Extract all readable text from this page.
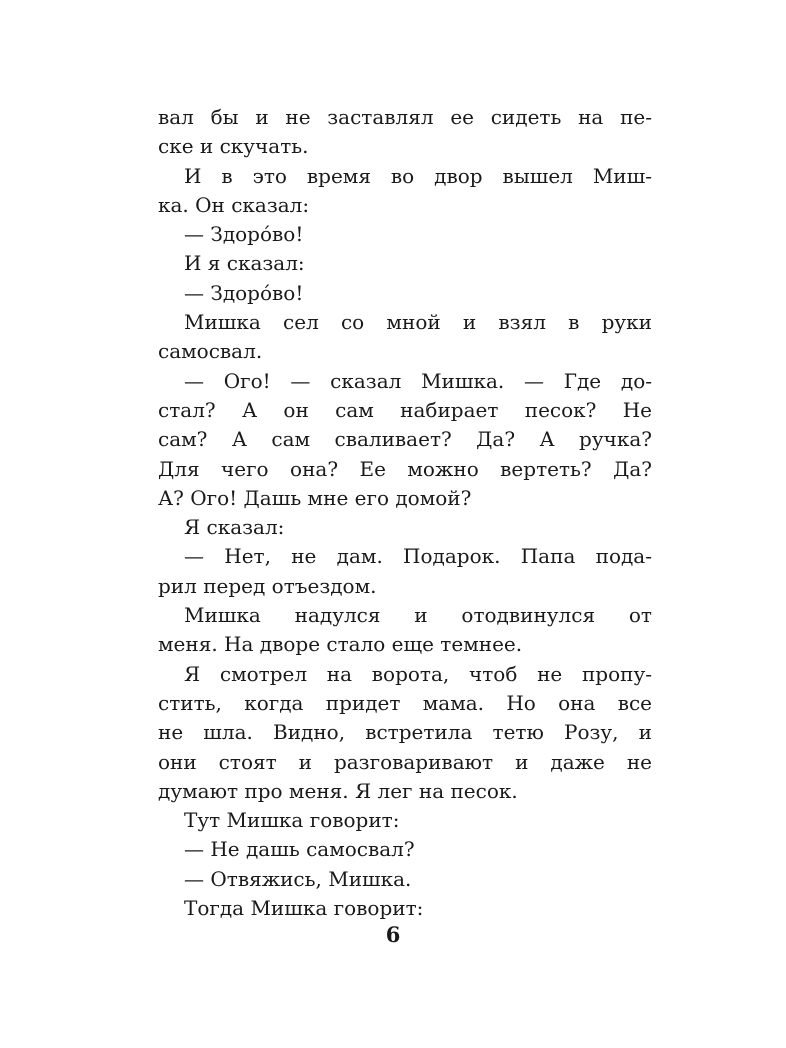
вал бы и не заставлял ее сидеть на пе-
ске и скучать.
И в это время во двор вышел Миш-
ка. Он сказал:
— Здоро́во!
И я сказал:
— Здоро́во!
Мишка сел со мной и взял в руки
самосвал.
— Ого! — сказал Мишка. — Где до-
стал? А он сам набирает песок? Не
сам? А сам сваливает? Да? А ручка?
Для чего она? Ее можно вертеть? Да?
А? Ого! Дашь мне его домой?
Я сказал:
— Нет, не дам. Подарок. Папа пода-
рил перед отъездом.
Мишка надулся и отодвинулся от
меня. На дворе стало еще темнее.
Я смотрел на ворота, чтоб не пропу-
стить, когда придет мама. Но она все
не шла. Видно, встретила тетю Розу, и
они стоят и разговаривают и даже не
думают про меня. Я лег на песок.
Тут Мишка говорит:
— Не дашь самосвал?
— Отвяжись, Мишка.
Тогда Мишка говорит:
6
